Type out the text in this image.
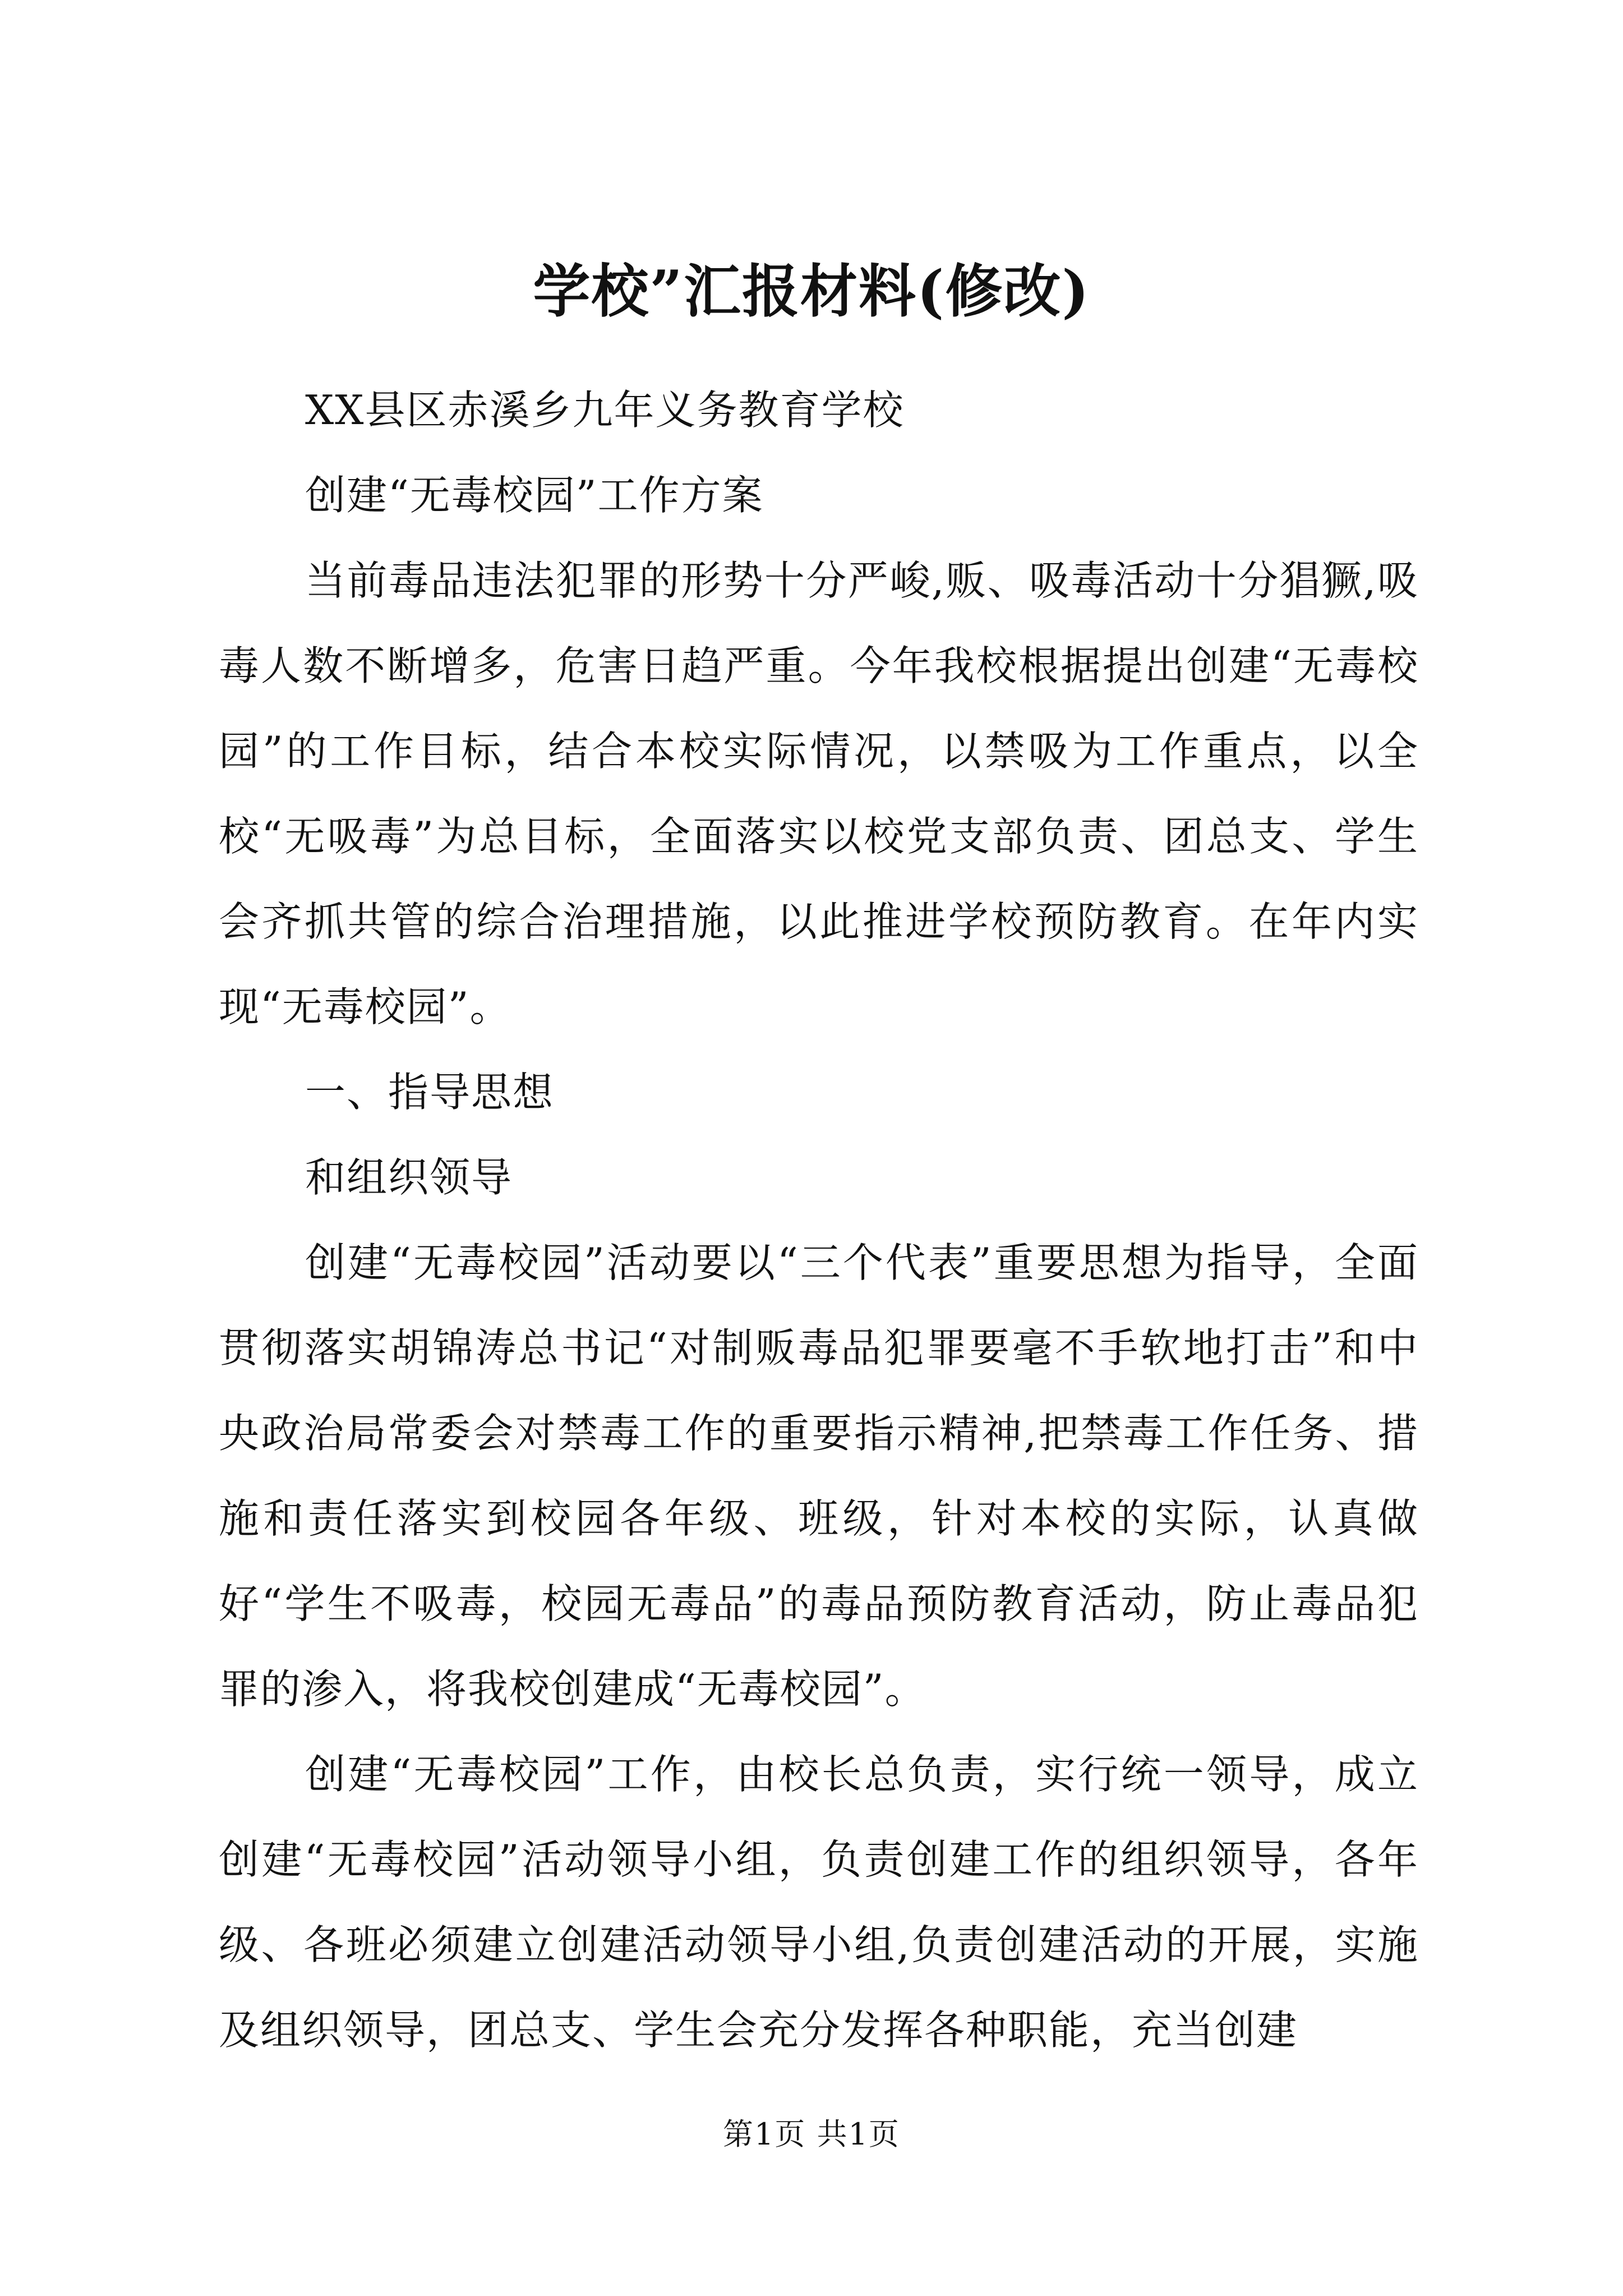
学校”汇报材料(修改)

XX县区赤溪乡九年义务教育学校

创建“无毒校园”工作方案

当前毒品违法犯罪的形势十分严峻,贩、吸毒活动十分猖獗,吸毒人数不断增多，危害日趋严重。今年我校根据提出创建“无毒校园”的工作目标，结合本校实际情况，以禁吸为工作重点，以全校“无吸毒”为总目标，全面落实以校党支部负责、团总支、学生会齐抓共管的综合治理措施，以此推进学校预防教育。在年内实现“无毒校园”。

一、指导思想

和组织领导

创建“无毒校园”活动要以“三个代表”重要思想为指导，全面贯彻落实胡锦涛总书记“对制贩毒品犯罪要毫不手软地打击”和中央政治局常委会对禁毒工作的重要指示精神,把禁毒工作任务、措施和责任落实到校园各年级、班级，针对本校的实际，认真做好“学生不吸毒，校园无毒品”的毒品预防教育活动，防止毒品犯罪的渗入，将我校创建成“无毒校园”。

创建“无毒校园”工作，由校长总负责，实行统一领导，成立创建“无毒校园”活动领导小组，负责创建工作的组织领导，各年级、各班必须建立创建活动领导小组,负责创建活动的开展，实施及组织领导，团总支、学生会充分发挥各种职能，充当创建

第1页 共1页
